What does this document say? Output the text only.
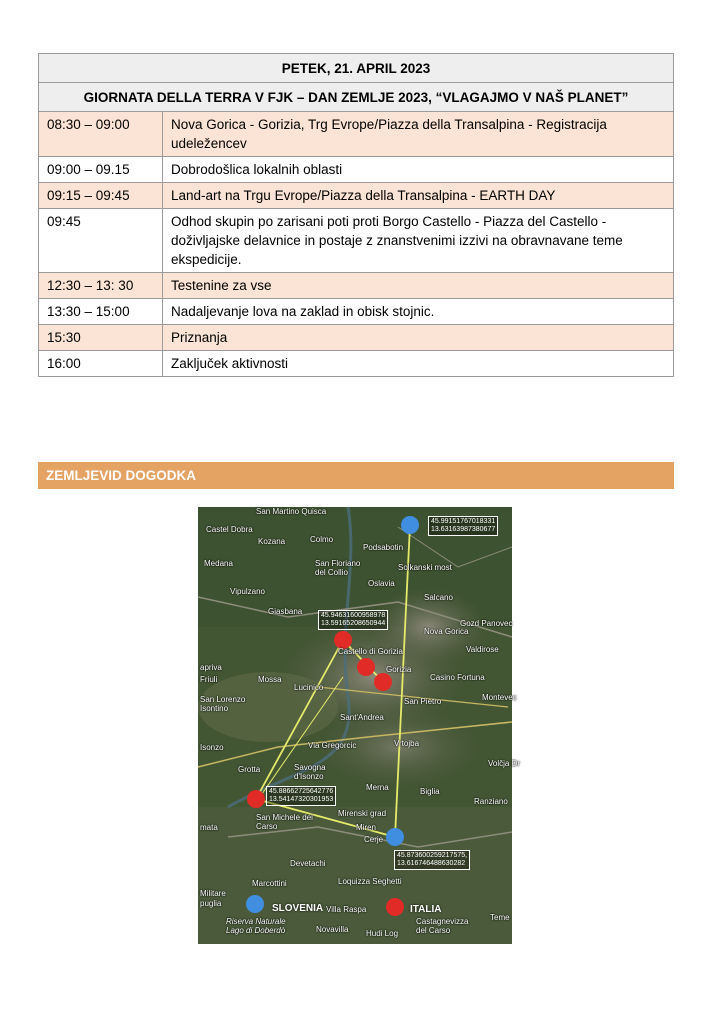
PETEK, 21. APRIL 2023	
GIORNATA DELLA TERRA V FJK – DAN ZEMLJE 2023, “VLAGAJMO V NAŠ PLANET”	
08:30 – 09:00	Nova Gorica - Gorizia, Trg Evrope/Piazza della Transalpina - Registracija udeležencev
09:00 – 09.15	Dobrodošlica lokalnih oblasti
09:15 – 09:45	Land-art na Trgu Evrope/Piazza della Transalpina - EARTH DAY
09:45	Odhod skupin po zarisani poti proti Borgo Castello - Piazza del Castello - doživljajske delavnice in postaje z znanstvenimi izzivi na obravnavane teme ekspedicije.
12:30 – 13: 30	Testenine za vse
13:30 – 15:00	Nadaljevanje lova na zaklad in obisk stojnic.
15:30	Priznanja
16:00	Zaključek aktivnosti
ZEMLJEVID DOGODKA
San Martino Quisca
Castel Dobra
Kozana	Colmo
Podsabotin
Medana	San Floriano del Collio
Solkanski most
Oslavia
Vipulzano
Salcano
Giasbana
Nova Gorica
Gozd Panovec
Castello di Gorizia	Valdirose
Gorizia
Casino Fortuna
Mossa
Lucinico
Montevec
San Lorenzo Isontino
San Pietro
Sant'Andrea
Vrtojba
Via Gregorcic
Savogna d'Isonzo
Grotta
Merna	Biglia
Volčja Dr
Ranziano
San Michele del Carso
Mirenski grad
Cerje
Devetachi
Marcottini	Loquizza Seghetti
Riserva Naturale Lago di Doberdò	Novavilla Hudi Log
Castagnevizza del Carso
Teme
Villa Raspa
Miren
Friuli
Isonzo
apriva
mata
Militare
puglia
45.99151767018331
13.63163987380677
45.94631600958978
13.59165208650944
45.88662725642776
13.54147320301953
45.873600259217575,
13.616746488630282
SLOVENIA	ITALIA
